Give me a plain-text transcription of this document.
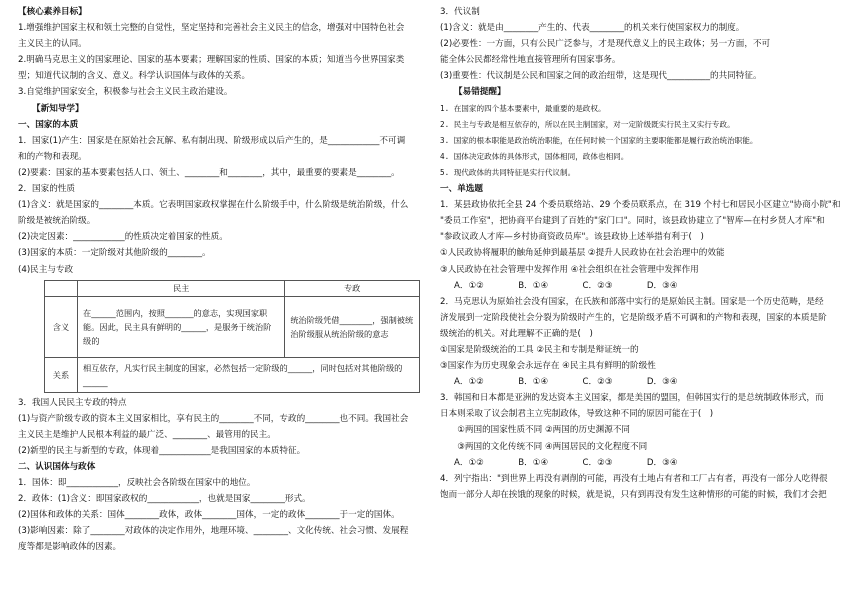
【核心素养目标】
1.增强维护国家主权和领土完整的自觉性，坚定坚持和完善社会主义民主的信念，增强对中国特色社会
主义民主的认同。
2.明确马克思主义的国家理论、国家的基本要素；理解国家的性质、国家的本质；知道当今世界国家类
型；知道代议制的含义、意义。科学认识国体与政体的关系。
3.自觉维护国家安全，积极参与社会主义民主政治建设。
【新知导学】
一、国家的本质
1．国家(1)产生：国家是在原始社会瓦解、私有制出现、阶级形成以后产生的，是____________不可调
和的产物和表现。
(2)要素：国家的基本要素包括人口、领土、________和________，其中，最重要的要素是________。
2．国家的性质
(1)含义：就是国家的________本质。它表明国家政权掌握在什么阶级手中，什么阶级是统治阶级，什么
阶级是被统治阶级。
(2)决定因素：____________的性质决定着国家的性质。
(3)国家的本质：一定阶级对其他阶级的________。
(4)民主与专政
	民主	专政
含义	在______范围内，按照_______的意志，实现国家职能。因此，民主具有鲜明的______，是服务于统治阶级的	统治阶级凭借________，强制被统治阶级服从统治阶级的意志
关系	相互依存，凡实行民主制度的国家，必然包括一定阶级的______，同时包括对其他阶级的______	
3．我国人民民主专政的特点
(1)与资产阶级专政的资本主义国家相比，享有民主的________不同，专政的________也不同。我国社会
主义民主是维护人民根本利益的最广泛、________、最管用的民主。
(2)新型的民主与新型的专政，体现着____________是我国国家的本质特征。
二、认识国体与政体
1．国体：即____________，反映社会各阶级在国家中的地位。
2．政体：(1)含义：即国家政权的____________，也就是国家________形式。
(2)国体和政体的关系：国体________政体，政体________国体，一定的政体________于一定的国体。
(3)影响因素：除了________对政体的决定作用外，地理环境、________、文化传统、社会习惯、发展程
度等都是影响政体的因素。
3．代议制
(1)含义：就是由________产生的、代表________的机关来行使国家权力的制度。
(2)必要性：一方面，只有公民广泛参与，才是现代意义上的民主政体；另一方面，不可
能全体公民都经常性地直接管理所有国家事务。
(3)重要性：代议制是公民和国家之间的政治纽带，这是现代__________的共同特征。
【易错提醒】
1. 在国家的四个基本要素中，最重要的是政权。
2. 民主与专政是相互依存的，所以在民主制国家，对一定阶级既实行民主又实行专政。
3. 国家的根本职能是政治统治职能，在任何时候一个国家的主要职能都是履行政治统治职能。
4. 国体决定政体的具体形式，国体相同，政体也相同。
5. 现代政体的共同特征是实行代议制。
一、单选题
1．某县政协依托全县 24 个委员联络站、29 个委员联系点，在 319 个村七和居民小区建立"协商小院"和
"委员工作室"，把协商平台建到了百姓的"家门口"。同时，该县政协建立了"智库—在村乡贤人才库"和
"参政议政人才库—乡村协商资政员库"。该县政协上述举措有利于(　)
①人民政协将履职的触角延伸到最基层 ②提升人民政协在社会治理中的效能
③人民政协在社会管理中发挥作用 ④社会组织在社会管理中发挥作用
A．①②　　　　B．①④　　　　C．②③　　　　D．③④
2．马克思认为原始社会没有国家，在氏族和部落中实行的是原始民主制。国家是一个历史范畴，是经
济发展到一定阶段使社会分裂为阶级时产生的，它是阶级矛盾不可调和的产物和表现，国家的本质是阶
级统治的机关。对此理解不正确的是(　)
①国家是阶级统治的工具 ②民主和专制是辩证统一的
③国家作为历史现象会永远存在 ④民主具有鲜明的阶级性
A．①②　　　　B．①④　　　　C．②③　　　　D．③④
3．韩国和日本都是亚洲的发达资本主义国家，都是美国的盟国，但韩国实行的是总统制政体形式，而
日本则采取了议会制君主立宪制政体，导致这种不同的原因可能在于(　)
　　①两国的国家性质不同 ②两国的历史渊源不同
　　③两国的文化传统不同 ④两国居民的文化程度不同
A．①②　　　　B．①④　　　　C．②③　　　　D．③④
4．列宁指出："到世界上再没有剥削的可能，再没有土地占有者和工厂占有者，再没有一部分人吃得很
饱而一部分人却在挨饿的现象的时候，就是说，只有到再没有发生这种情形的可能的时候，我们才会把
